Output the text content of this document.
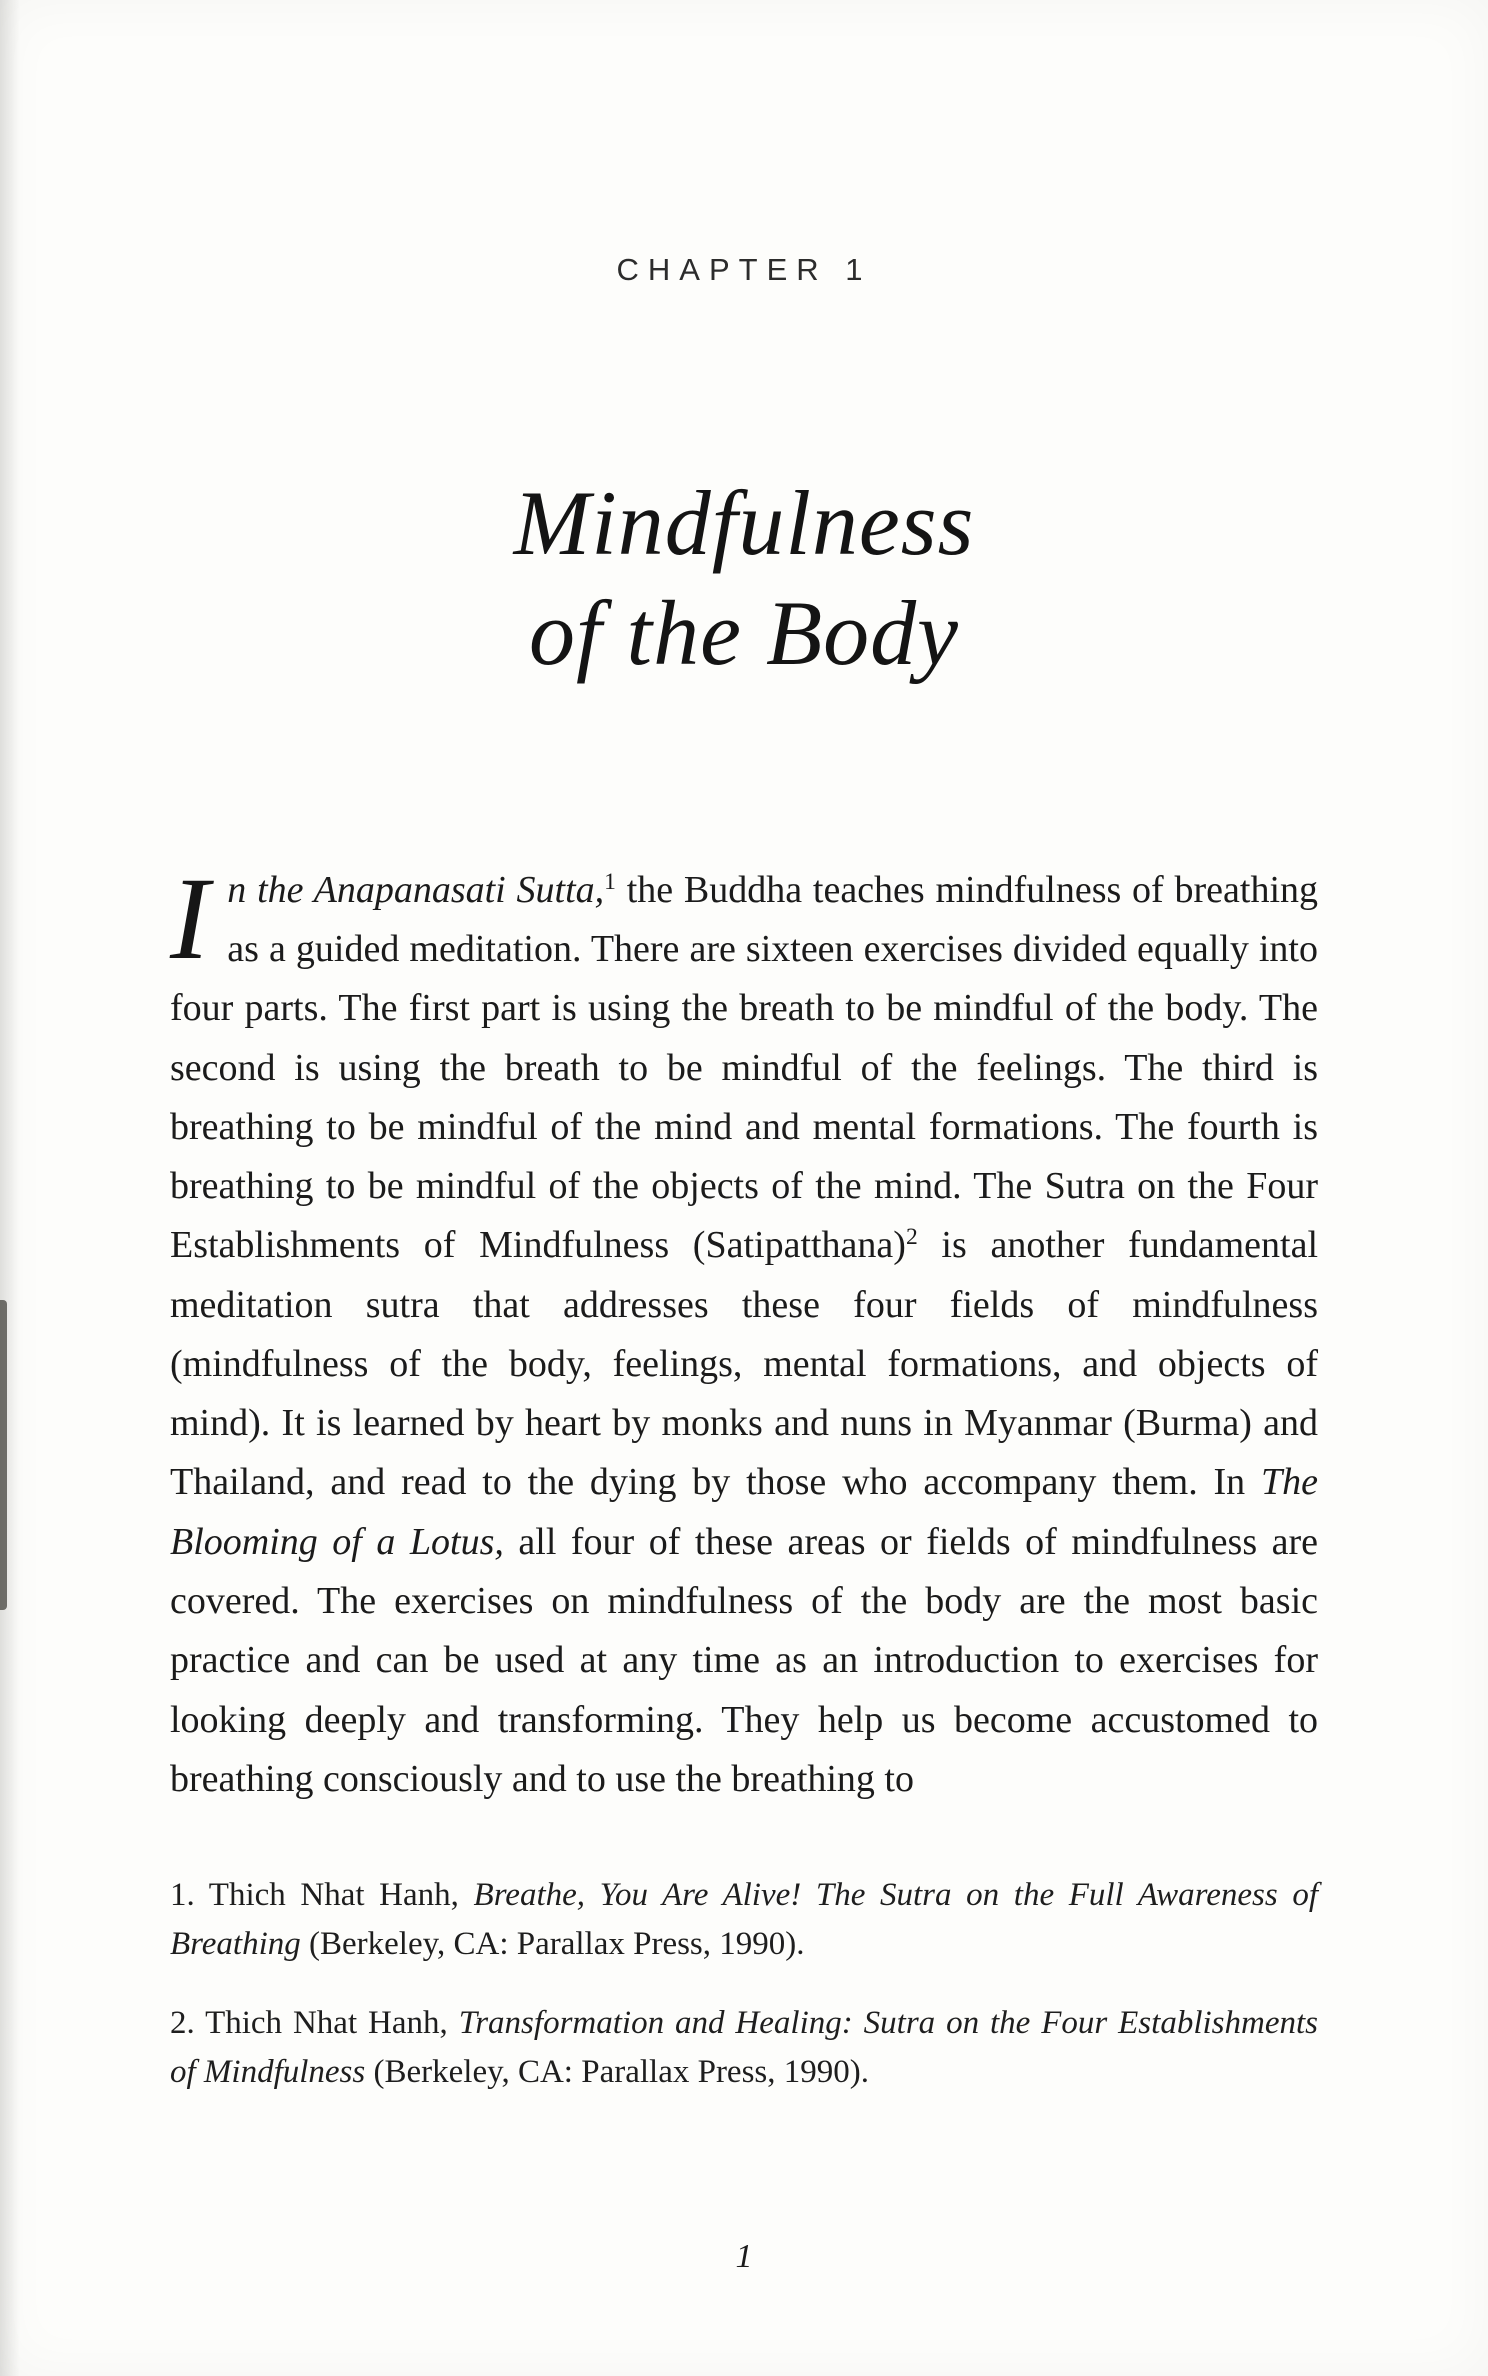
CHAPTER 1
Mindfulness
of the Body
In the Anapanasati Sutta,$^1$ the Buddha teaches mindfulness of breathing as a guided meditation. There are sixteen exercises divided equally into four parts. The first part is using the breath to be mindful of the body. The second is using the breath to be mindful of the feelings. The third is breathing to be mindful of the mind and mental formations. The fourth is breathing to be mindful of the objects of the mind. The Sutra on the Four Establishments of Mindfulness (Satipatthana)$^2$ is another fundamental meditation sutra that addresses these four fields of mindfulness (mindfulness of the body, feelings, mental formations, and objects of mind). It is learned by heart by monks and nuns in Myanmar (Burma) and Thailand, and read to the dying by those who accompany them. In The Blooming of a Lotus, all four of these areas or fields of mindfulness are covered. The exercises on mindfulness of the body are the most basic practice and can be used at any time as an introduction to exercises for looking deeply and transforming. They help us become accustomed to breathing consciously and to use the breathing to

1. Thich Nhat Hanh, Breathe, You Are Alive! The Sutra on the Full Awareness of Breathing (Berkeley, CA: Parallax Press, 1990).

2. Thich Nhat Hanh, Transformation and Healing: Sutra on the Four Establishments of Mindfulness (Berkeley, CA: Parallax Press, 1990).

1
